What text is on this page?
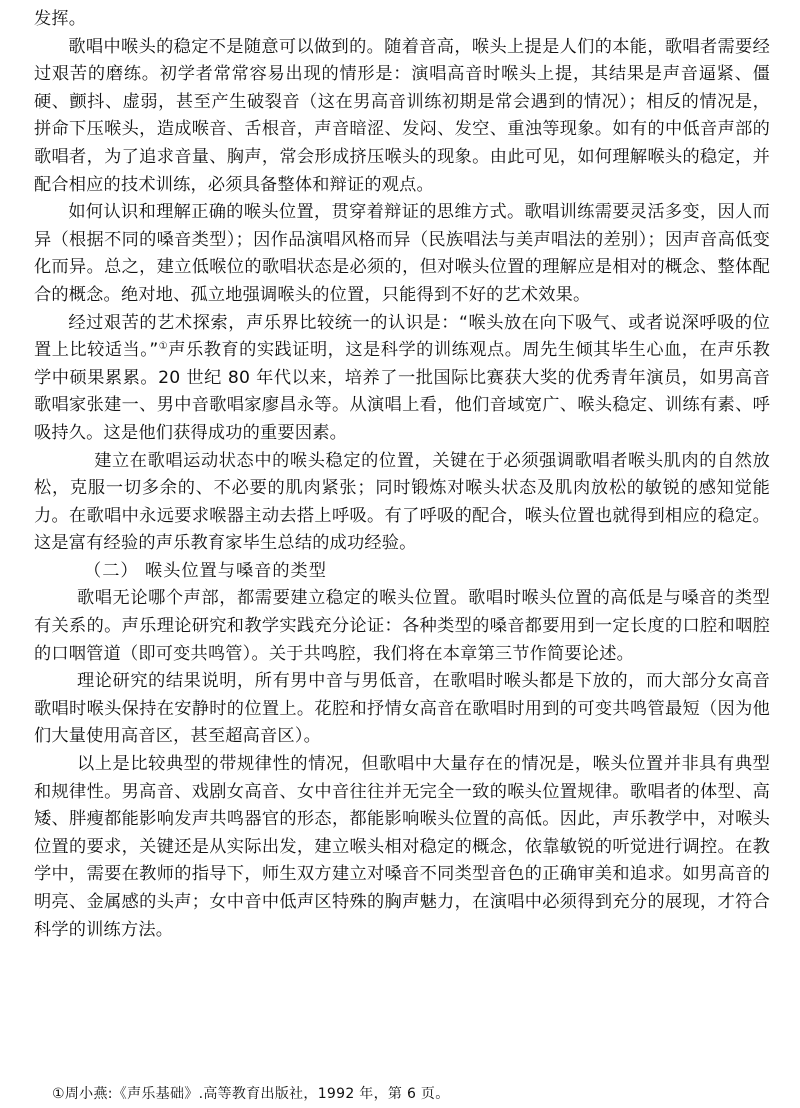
发挥。

歌唱中喉头的稳定不是随意可以做到的。随着音高，喉头上提是人们的本能，歌唱者需要经过艰苦的磨练。初学者常常容易出现的情形是：演唱高音时喉头上提，其结果是声音逼紧、僵硬、颤抖、虚弱，甚至产生破裂音（这在男高音训练初期是常会遇到的情况）；相反的情况是，拼命下压喉头，造成喉音、舌根音，声音暗涩、发闷、发空、重浊等现象。如有的中低音声部的歌唱者，为了追求音量、胸声，常会形成挤压喉头的现象。由此可见，如何理解喉头的稳定，并配合相应的技术训练，必须具备整体和辩证的观点。

如何认识和理解正确的喉头位置，贯穿着辩证的思维方式。歌唱训练需要灵活多变，因人而异（根据不同的嗓音类型）；因作品演唱风格而异（民族唱法与美声唱法的差别）；因声音高低变化而异。总之，建立低喉位的歌唱状态是必须的，但对喉头位置的理解应是相对的概念、整体配合的概念。绝对地、孤立地强调喉头的位置，只能得到不好的艺术效果。

经过艰苦的艺术探索，声乐界比较统一的认识是：“喉头放在向下吸气、或者说深呼吸的位置上比较适当。”①声乐教育的实践证明，这是科学的训练观点。周先生倾其毕生心血，在声乐教学中硕果累累。20 世纪 80 年代以来，培养了一批国际比赛获大奖的优秀青年演员，如男高音歌唱家张建一、男中音歌唱家廖昌永等。从演唱上看，他们音域宽广、喉头稳定、训练有素、呼吸持久。这是他们获得成功的重要因素。

建立在歌唱运动状态中的喉头稳定的位置，关键在于必须强调歌唱者喉头肌肉的自然放松，克服一切多余的、不必要的肌肉紧张；同时锻炼对喉头状态及肌肉放松的敏锐的感知觉能力。在歌唱中永远要求喉器主动去搭上呼吸。有了呼吸的配合，喉头位置也就得到相应的稳定。这是富有经验的声乐教育家毕生总结的成功经验。

（二） 喉头位置与嗓音的类型

歌唱无论哪个声部，都需要建立稳定的喉头位置。歌唱时喉头位置的高低是与嗓音的类型有关系的。声乐理论研究和教学实践充分论证：各种类型的嗓音都要用到一定长度的口腔和咽腔的口咽管道（即可变共鸣管）。关于共鸣腔，我们将在本章第三节作简要论述。

理论研究的结果说明，所有男中音与男低音，在歌唱时喉头都是下放的，而大部分女高音歌唱时喉头保持在安静时的位置上。花腔和抒情女高音在歌唱时用到的可变共鸣管最短（因为他们大量使用高音区，甚至超高音区）。

以上是比较典型的带规律性的情况，但歌唱中大量存在的情况是，喉头位置并非具有典型和规律性。男高音、戏剧女高音、女中音往往并无完全一致的喉头位置规律。歌唱者的体型、高矮、胖瘦都能影响发声共鸣器官的形态，都能影响喉头位置的高低。因此，声乐教学中，对喉头位置的要求，关键还是从实际出发，建立喉头相对稳定的概念，依靠敏锐的听觉进行调控。在教学中，需要在教师的指导下，师生双方建立对嗓音不同类型音色的正确审美和追求。如男高音的明亮、金属感的头声；女中音中低声区特殊的胸声魅力，在演唱中必须得到充分的展现，才符合科学的训练方法。

①周小燕:《声乐基础》.高等教育出版社，1992 年，第 6 页。
